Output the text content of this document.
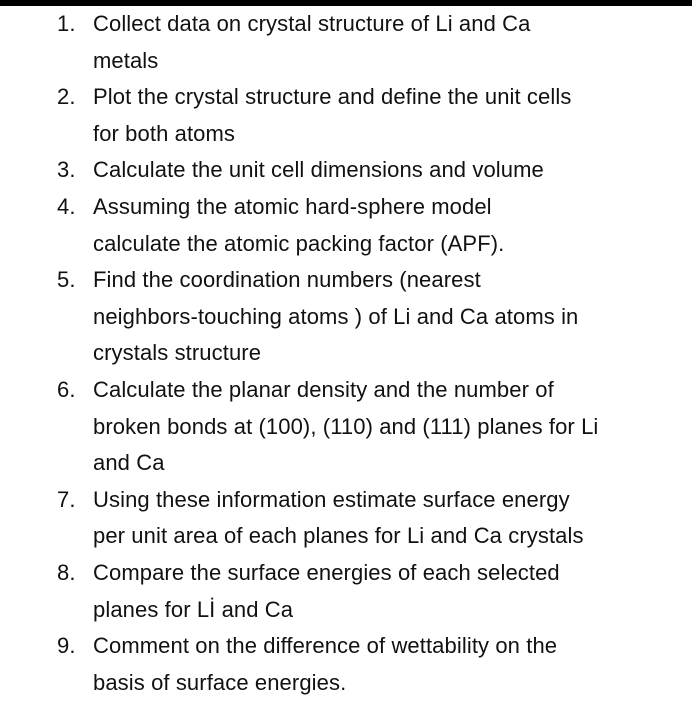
1. Collect data on crystal structure of Li and Ca
metals
2. Plot the crystal structure and define the unit cells
for both atoms
3. Calculate the unit cell dimensions and volume
4. Assuming the atomic hard-sphere model
calculate the atomic packing factor (APF).
5. Find the coordination numbers (nearest
neighbors-touching atoms ) of Li and Ca atoms in
crystals structure
6. Calculate the planar density and the number of
broken bonds at (100), (110) and (111) planes for Li
and Ca
7. Using these information estimate surface energy
per unit area of each planes for Li and Ca crystals
8. Compare the surface energies of each selected
planes for Lİ and Ca
9. Comment on the difference of wettability on the
basis of surface energies.
